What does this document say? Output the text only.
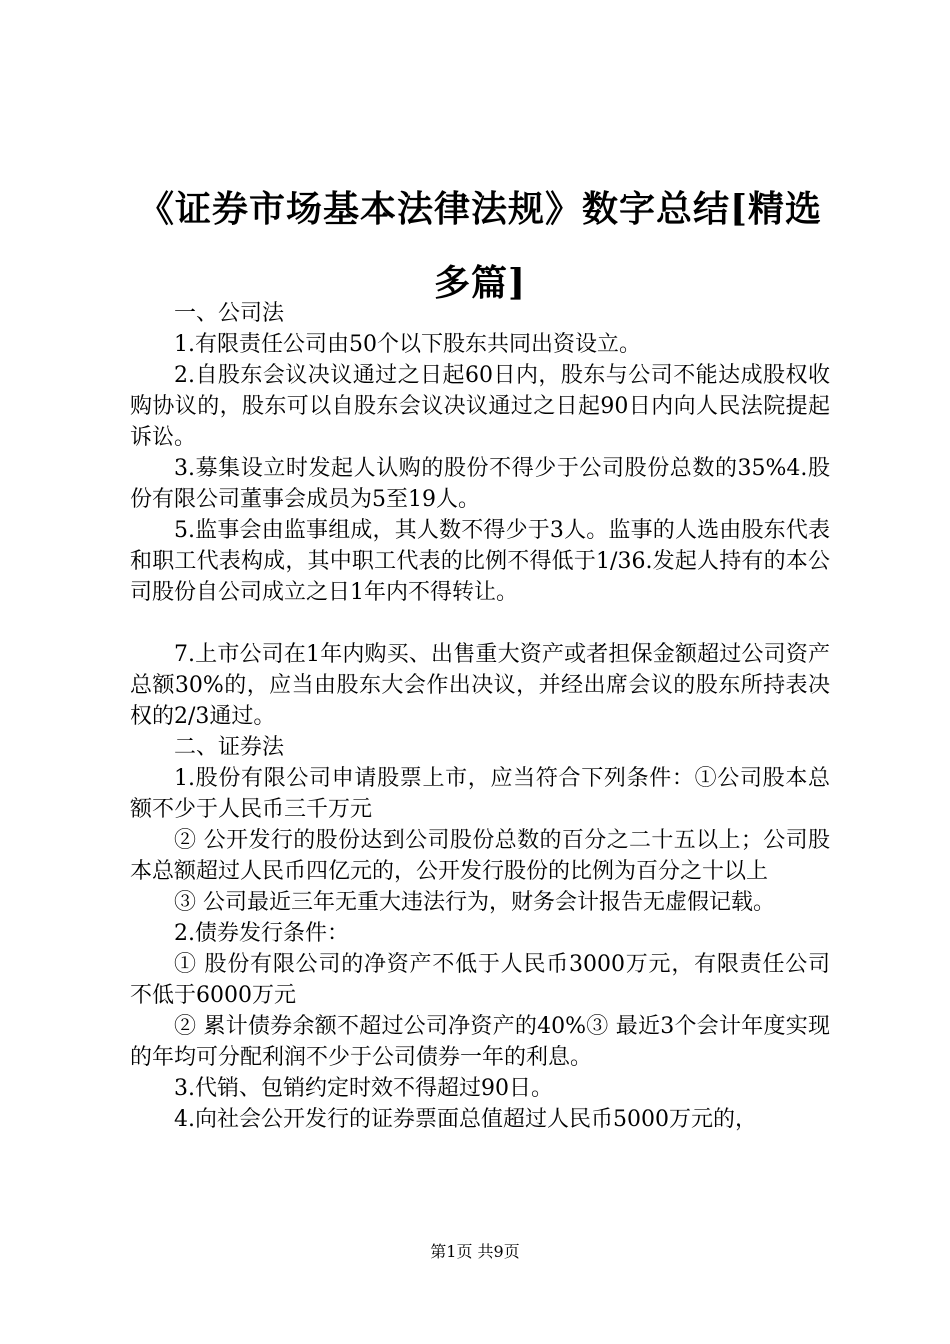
《证券市场基本法律法规》数字总结[精选多篇]

一、公司法

1.有限责任公司由50个以下股东共同出资设立。

2.自股东会议决议通过之日起60日内，股东与公司不能达成股权收购协议的，股东可以自股东会议决议通过之日起90日内向人民法院提起诉讼。

3.募集设立时发起人认购的股份不得少于公司股份总数的35%4.股份有限公司董事会成员为5至19人。

5.监事会由监事组成，其人数不得少于3人。监事的人选由股东代表和职工代表构成，其中职工代表的比例不得低于1/36.发起人持有的本公司股份自公司成立之日1年内不得转让。

7.上市公司在1年内购买、出售重大资产或者担保金额超过公司资产总额30%的，应当由股东大会作出决议，并经出席会议的股东所持表决权的2/3通过。

二、证券法

1.股份有限公司申请股票上市，应当符合下列条件：①公司股本总额不少于人民币三千万元

② 公开发行的股份达到公司股份总数的百分之二十五以上；公司股本总额超过人民币四亿元的，公开发行股份的比例为百分之十以上

③ 公司最近三年无重大违法行为，财务会计报告无虚假记载。

2.债券发行条件：

① 股份有限公司的净资产不低于人民币3000万元，有限责任公司不低于6000万元

② 累计债券余额不超过公司净资产的40%③ 最近3个会计年度实现的年均可分配利润不少于公司债券一年的利息。

3.代销、包销约定时效不得超过90日。

4.向社会公开发行的证券票面总值超过人民币5000万元的，

第1页 共9页
